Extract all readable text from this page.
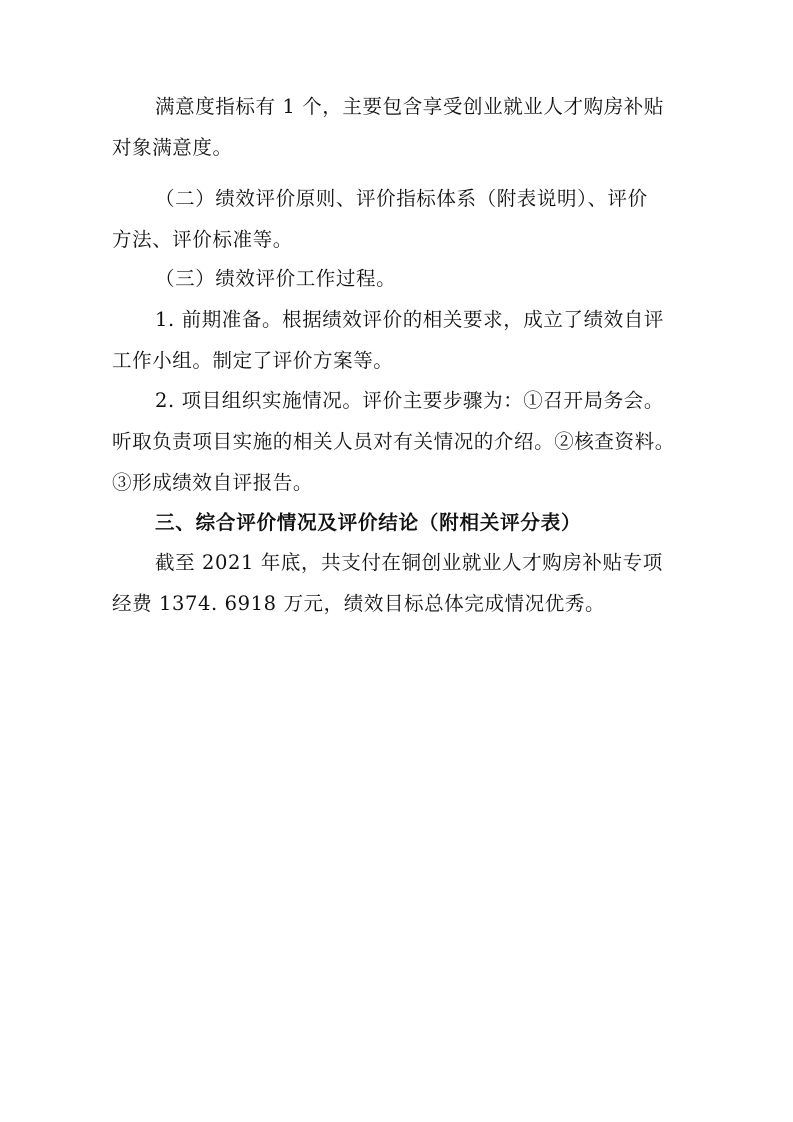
满意度指标有 1 个，主要包含享受创业就业人才购房补贴
对象满意度。
（二）绩效评价原则、评价指标体系（附表说明）、评价
方法、评价标准等。
（三）绩效评价工作过程。
1. 前期准备。根据绩效评价的相关要求，成立了绩效自评
工作小组。制定了评价方案等。
2. 项目组织实施情况。评价主要步骤为：①召开局务会。
听取负责项目实施的相关人员对有关情况的介绍。②核查资料。
③形成绩效自评报告。
三、综合评价情况及评价结论（附相关评分表）
截至 2021 年底，共支付在铜创业就业人才购房补贴专项
经费 1374. 6918 万元，绩效目标总体完成情况优秀。
